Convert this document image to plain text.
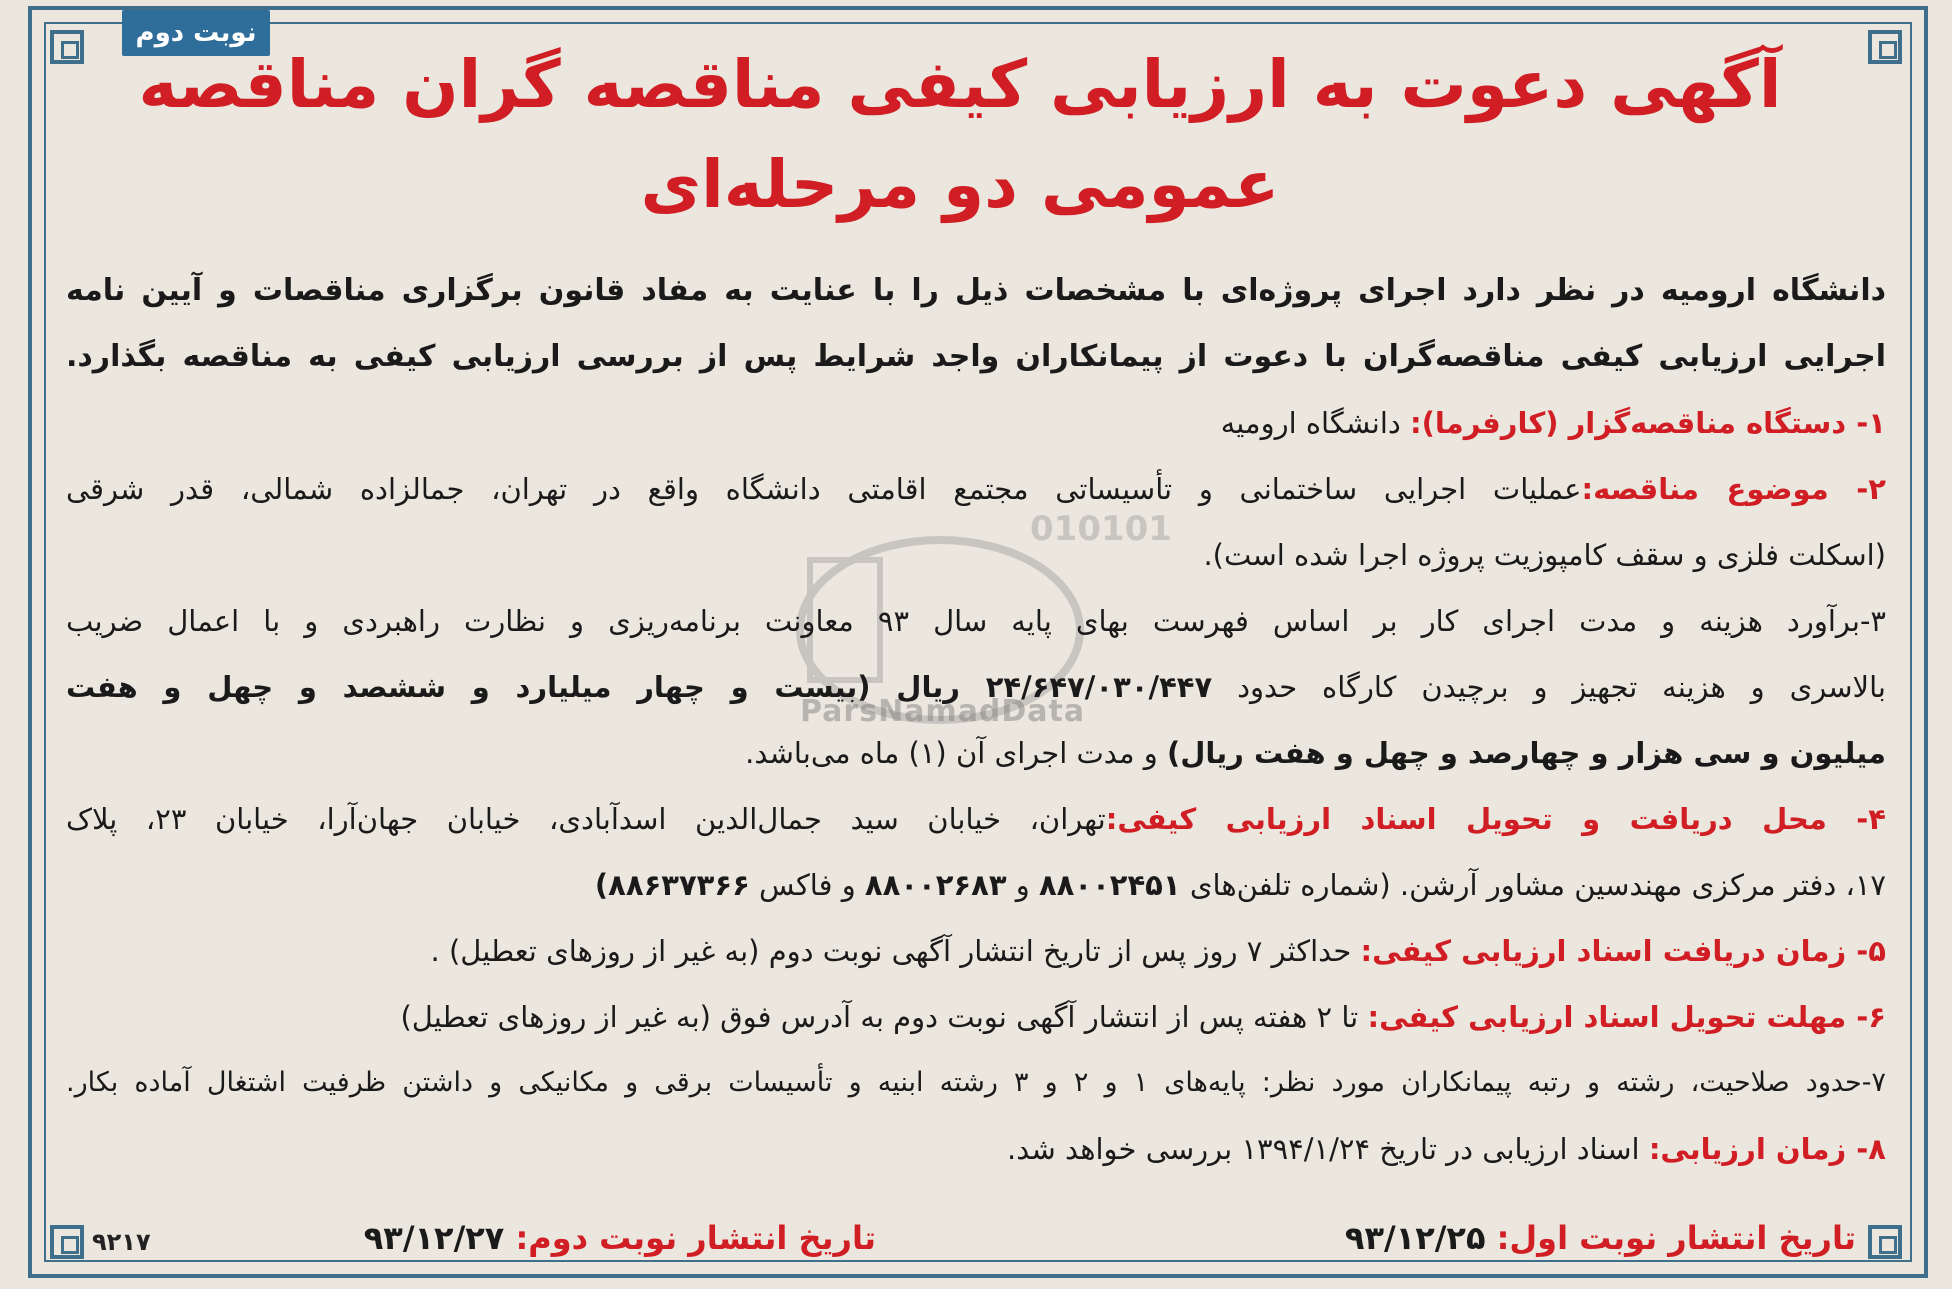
نوبت دوم
آگهی دعوت به ارزیابی کیفی مناقصه گران مناقصه
عمومی دو مرحله‌ای
010101
ParsNamadData
دانشگاه ارومیه در نظر دارد اجرای پروژه‌ای با مشخصات ذیل را با عنایت به مفاد قانون برگزاری مناقصات و آیین نامه
اجرایی ارزیابی کیفی مناقصه‌گران با دعوت از پیمانکاران واجد شرایط پس از بررسی ارزیابی کیفی به مناقصه بگذارد.
۱- دستگاه مناقصه‌گزار (کارفرما): دانشگاه ارومیه
۲- موضوع مناقصه:عملیات اجرایی ساختمانی و تأسیساتی مجتمع اقامتی دانشگاه واقع در تهران، جمالزاده شمالی، قدر شرقی
(اسکلت فلزی و سقف کامپوزیت پروژه اجرا شده است).
۳-برآورد هزینه و مدت اجرای کار بر اساس فهرست بهای پایه سال ۹۳ معاونت برنامه‌ریزی و نظارت راهبردی و با اعمال ضریب
بالاسری و هزینه تجهیز و برچیدن کارگاه حدود ۲۴/۶۴۷/۰۳۰/۴۴۷ ریال (بیست و چهار میلیارد و ششصد و چهل و هفت
میلیون و سی هزار و چهارصد و چهل و هفت ریال) و مدت اجرای آن (۱) ماه می‌باشد.
۴- محل دریافت و تحویل اسناد ارزیابی کیفی:تهران، خیابان سید جمال‌الدین اسدآبادی، خیابان جهان‌آرا، خیابان ۲۳، پلاک
۱۷، دفتر مرکزی مهندسین مشاور آرشن. (شماره تلفن‌های ۸۸۰۰۲۴۵۱ و ۸۸۰۰۲۶۸۳ و فاکس ۸۸۶۳۷۳۶۶)
۵- زمان دریافت اسناد ارزیابی کیفی: حداکثر ۷ روز پس از تاریخ انتشار آگهی نوبت دوم (به غیر از روزهای تعطیل) .
۶- مهلت تحویل اسناد ارزیابی کیفی: تا ۲ هفته پس از انتشار آگهی نوبت دوم به آدرس فوق (به غیر از روزهای تعطیل)
۷-حدود صلاحیت، رشته و رتبه پیمانکاران مورد نظر: پایه‌های ۱ و ۲ و ۳ رشته ابنیه و تأسیسات برقی و مکانیکی و داشتن ظرفیت اشتغال آماده بکار.
۸- زمان ارزیابی: اسناد ارزیابی در تاریخ ۱۳۹۴/۱/۲۴ بررسی خواهد شد.
تاریخ انتشار نوبت اول: ۹۳/۱۲/۲۵
تاریخ انتشار نوبت دوم: ۹۳/۱۲/۲۷
۹۲۱۷
